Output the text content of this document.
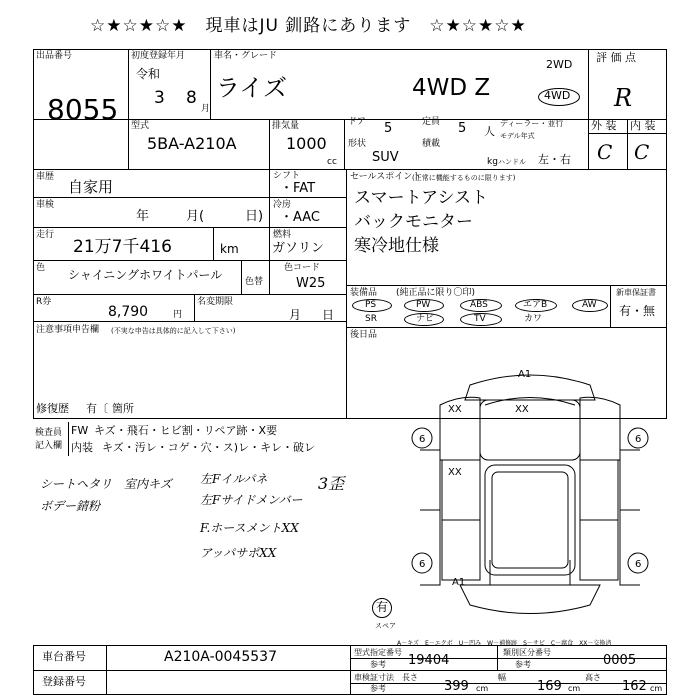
☆★☆★☆★　現車はJU 釧路にあります　☆★☆★☆★
出品番号
8055
初度登録年月
令和
3 8
月
車名・グレード
ライズ	4WD Z
2WD
4WD
評 価 点
R
型式
5BA-A210A
排気量
1000
cc
ドア 5	定員 5 人
ディーラー・並行
モデル年式
形状
SUV
積載
kg ハンドル 左・右
外 装 内 装
C C
車歴
自家用
車検
年	月(	日)
走行
21万7千416	km
シフト
・FAT
冷房
・AAC
燃料
ガソリン
色 シャイニングホワイトパール	色替
色コード
W25
R券
8,790	円
名変期限
月 日
注意事項申告欄 (不実な申告は具体的に記入して下さい)
修復歴 有〔 箇所
セールスポイント
(正常に機能するものに限ります)
スマートアシスト
バックモニター
寒冷地仕様
装備品 (純正品に限り〇印)
PS	PW	ABS	エアB	AW
SR	ナビ	TV	カワ
新車保証書
有・無
後日品
検査員 FW キズ・飛石・ヒビ割・リペア跡・X要
記入欄 内装 キズ・汚レ・コゲ・穴・ス)レ・キレ・破レ
シートヘタリ　室内キズ
ボデー錆粉
左Fイルパネ
左Fサイドメンバー
F.ホースメントXX
アッパサポXX
3歪
A1
XX	XX
XX
6	6
6	6
A1
有
スペア
A－キズ　E－エクボ　U－凹み　W－補修跡　S－サビ　C－腐食　XX－交換済
車台番号	A210A-0045537
登録番号
型式指定番号
参考 19404
類別区分番号
参考	0005
車検証寸法
参考
長さ
399 cm
幅
169 cm
高さ
162 cm
